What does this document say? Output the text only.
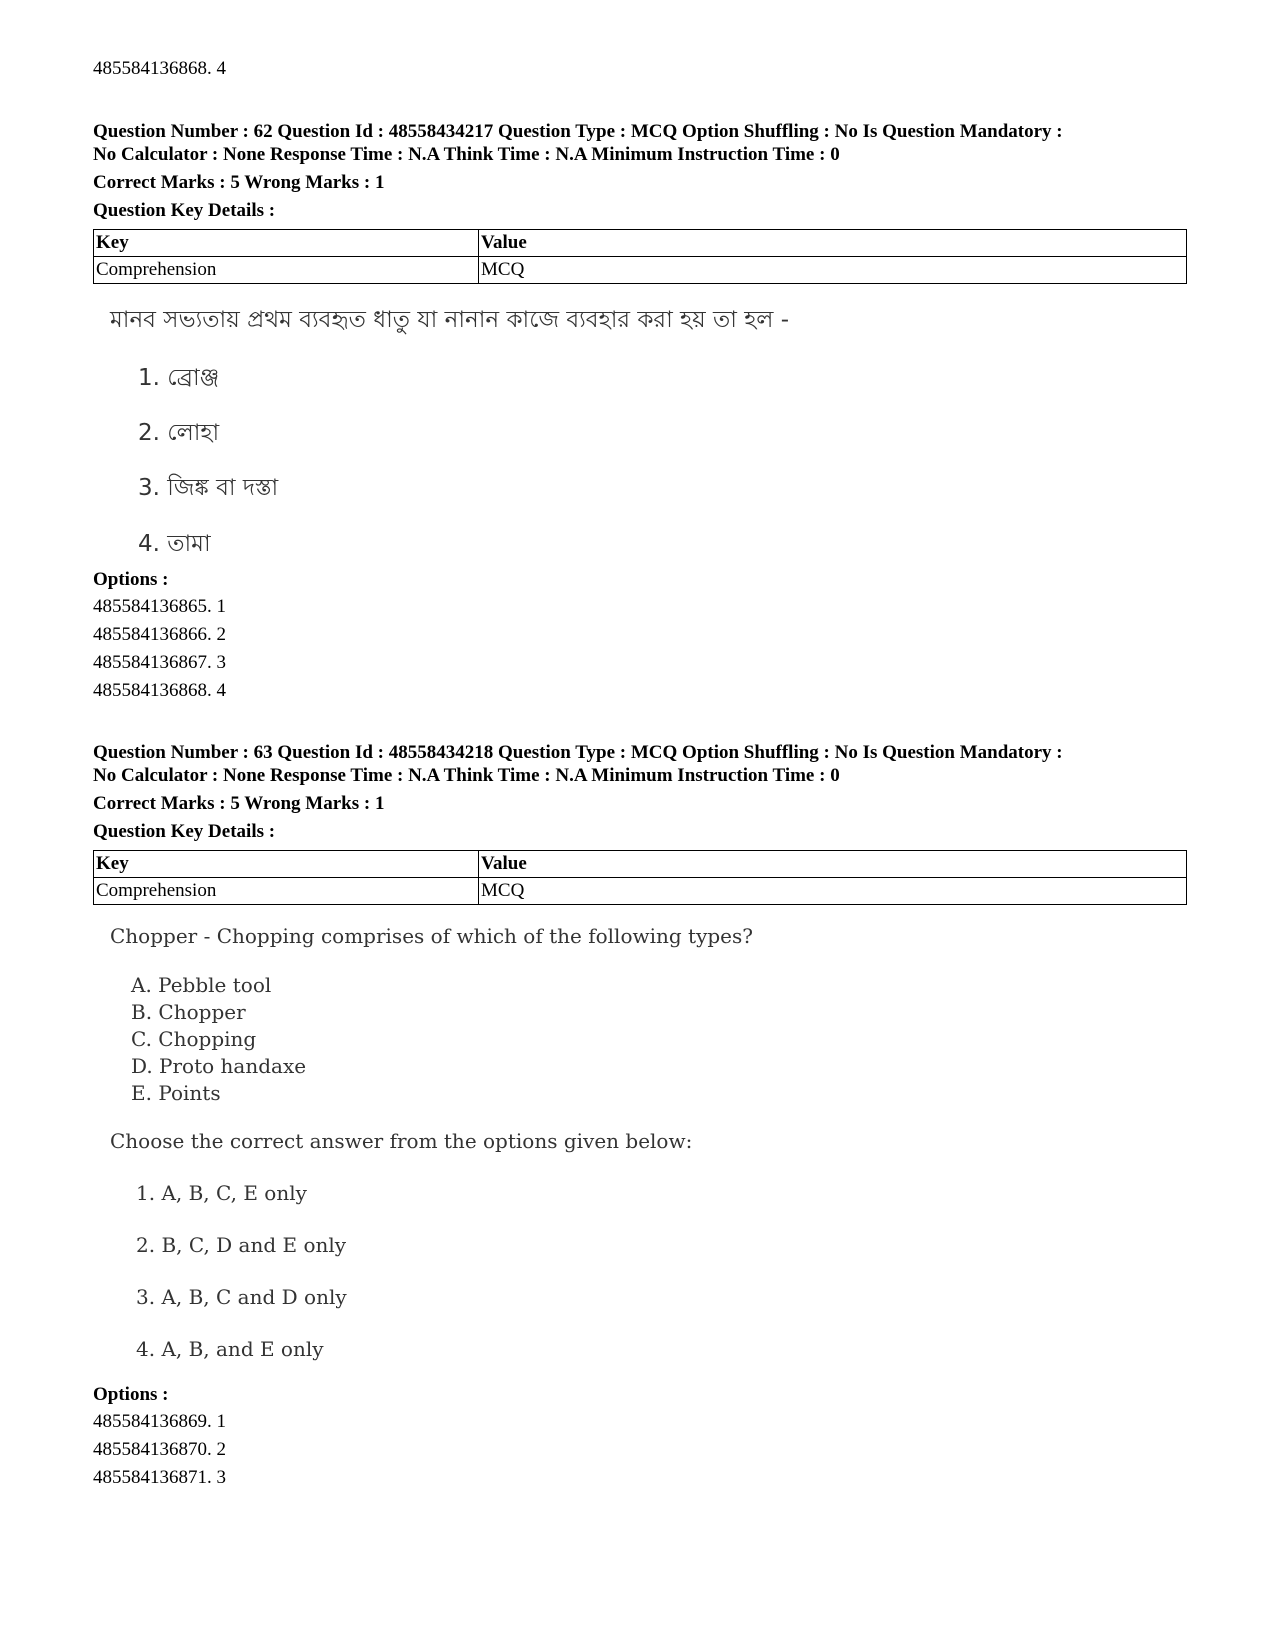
485584136868. 4
Question Number : 62 Question Id : 48558434217 Question Type : MCQ Option Shuffling : No Is Question Mandatory :
No Calculator : None Response Time : N.A Think Time : N.A Minimum Instruction Time : 0
Correct Marks : 5 Wrong Marks : 1
Question Key Details :
Key	Value
Comprehension	MCQ
মানব সভ্যতায় প্রথম ব্যবহৃত ধাতু যা নানান কাজে ব্যবহার করা হয় তা হল -
1. ব্রোঞ্জ
2. লোহা
3. জিঙ্ক বা দস্তা
4. তামা
Options :
485584136865. 1
485584136866. 2
485584136867. 3
485584136868. 4
Question Number : 63 Question Id : 48558434218 Question Type : MCQ Option Shuffling : No Is Question Mandatory :
No Calculator : None Response Time : N.A Think Time : N.A Minimum Instruction Time : 0
Correct Marks : 5 Wrong Marks : 1
Question Key Details :
Key	Value
Comprehension	MCQ
Chopper - Chopping comprises of which of the following types?
A. Pebble tool
B. Chopper
C. Chopping
D. Proto handaxe
E. Points
Choose the correct answer from the options given below:
1. A, B, C, E only
2. B, C, D and E only
3. A, B, C and D only
4. A, B, and E only
Options :
485584136869. 1
485584136870. 2
485584136871. 3
